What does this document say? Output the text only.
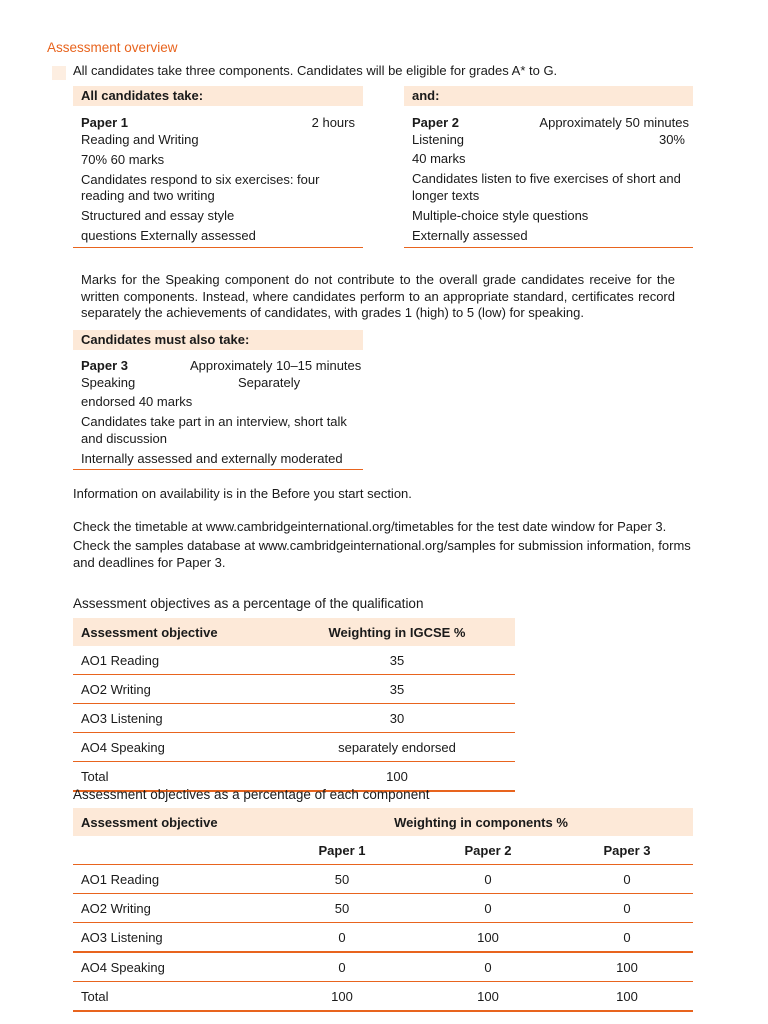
Assessment overview
All candidates take three components. Candidates will be eligible for grades A* to G.
All candidates take:
Paper 1	2 hours
Reading and Writing
70% 60 marks
Candidates respond to six exercises: four
reading and two writing
Structured and essay style
questions Externally assessed
and:
Paper 2	Approximately 50 minutes
Listening	30%
40 marks
Candidates listen to five exercises of short and
longer texts
Multiple-choice style questions
Externally assessed
Marks for the Speaking component do not contribute to the overall grade candidates receive for the written components. Instead, where candidates perform to an appropriate standard, certificates record separately the achievements of candidates, with grades 1 (high) to 5 (low) for speaking.
Candidates must also take:
Paper 3	Approximately 10–15 minutes
Speaking	Separately
endorsed 40 marks
Candidates take part in an interview, short talk
and discussion
Internally assessed and externally moderated
Information on availability is in the Before you start section.
Check the timetable at www.cambridgeinternational.org/timetables for the test date window for Paper 3.
Check the samples database at www.cambridgeinternational.org/samples for submission information, forms
and deadlines for Paper 3.
Assessment objectives as a percentage of the qualification
Assessment objective	Weighting in IGCSE %
AO1 Reading	35
AO2 Writing	35
AO3 Listening	30
AO4 Speaking	separately endorsed
Total	100
Assessment objectives as a percentage of each component
Assessment objective	Weighting in components %		
	Paper 1	Paper 2	Paper 3
AO1 Reading	50	0	0
AO2 Writing	50	0	0
AO3 Listening	0	100	0
AO4 Speaking	0	0	100
Total	100	100	100
